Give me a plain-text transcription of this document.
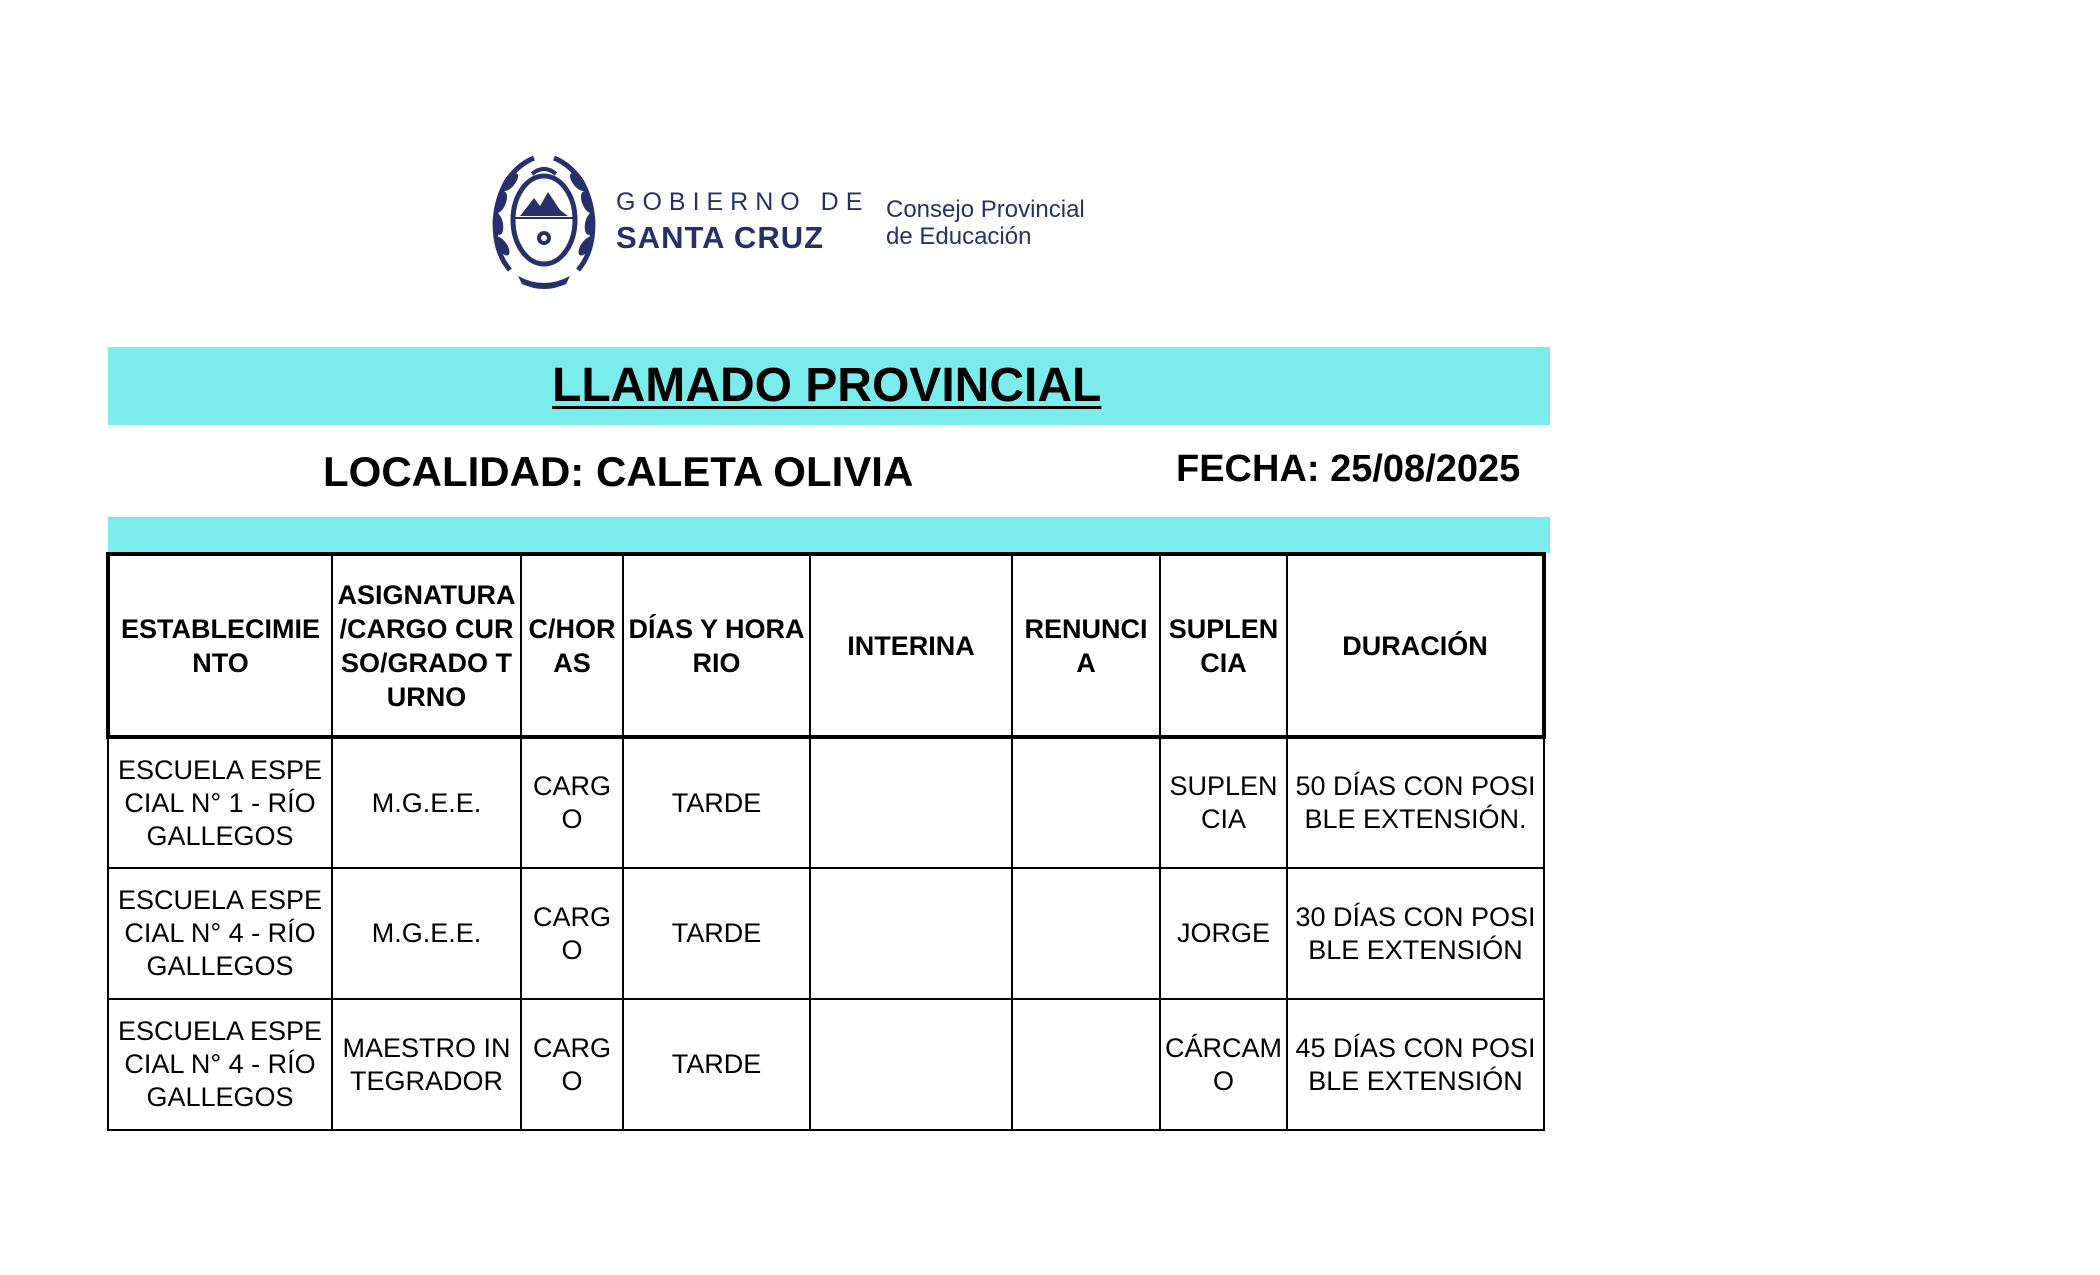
GOBIERNO DE
SANTA CRUZ
Consejo Provincial
de Educación
LLAMADO PROVINCIAL
LOCALIDAD: CALETA OLIVIA	FECHA: 25/08/2025
ESTABLECIMIENTO	ASIGNATURA /CARGO CURSO/GRADO TURNO	C/HORAS	DÍAS Y HORARIO	INTERINA	RENUNCIA	SUPLENCIA	DURACIÓN
ESCUELA ESPECIAL N° 1 - RÍO GALLEGOS	M.G.E.E.	CARGO	TARDE			SUPLENCIA	50 DÍAS CON POSIBLE EXTENSIÓN.
ESCUELA ESPECIAL N° 4 - RÍO GALLEGOS	M.G.E.E.	CARGO	TARDE			JORGE	30 DÍAS CON POSIBLE EXTENSIÓN
ESCUELA ESPECIAL N° 4 - RÍO GALLEGOS	MAESTRO INTEGRADOR	CARGO	TARDE			CÁRCAMO	45 DÍAS CON POSIBLE EXTENSIÓN
